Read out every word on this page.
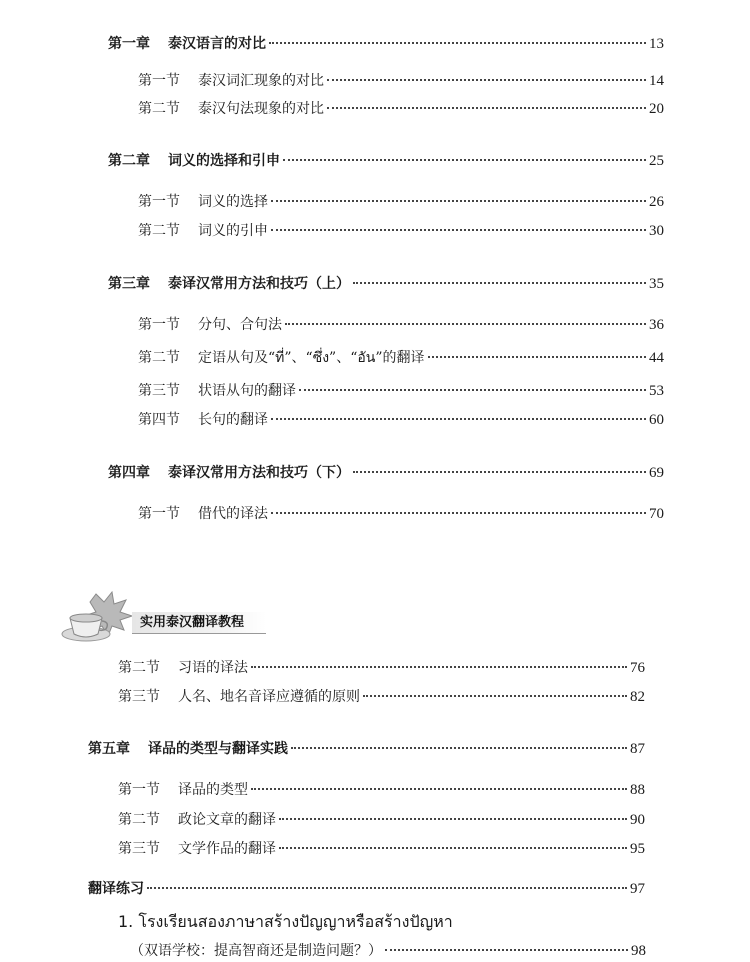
第一章 泰汉语言的对比	13
第一节 泰汉词汇现象的对比	14
第二节 泰汉句法现象的对比	20
第二章 词义的选择和引申	25
第一节 词义的选择	26
第二节 词义的引申	30
第三章 泰译汉常用方法和技巧（上）	35
第一节 分句、合句法	36
第二节 定语从句及“ที่”、“ซึ่ง”、“อัน”的翻译	44
第三节 状语从句的翻译	53
第四节 长句的翻译	60
第四章 泰译汉常用方法和技巧（下）	69
第一节 借代的译法	70
实用泰汉翻译教程
第二节 习语的译法	76
第三节 人名、地名音译应遵循的原则	82
第五章 译品的类型与翻译实践	87
第一节 译品的类型	88
第二节 政论文章的翻译	90
第三节 文学作品的翻译	95
翻译练习	97
1. โรงเรียนสองภาษาสร้างปัญญาหรือสร้างปัญหา
（双语学校：提高智商还是制造问题？）	98
